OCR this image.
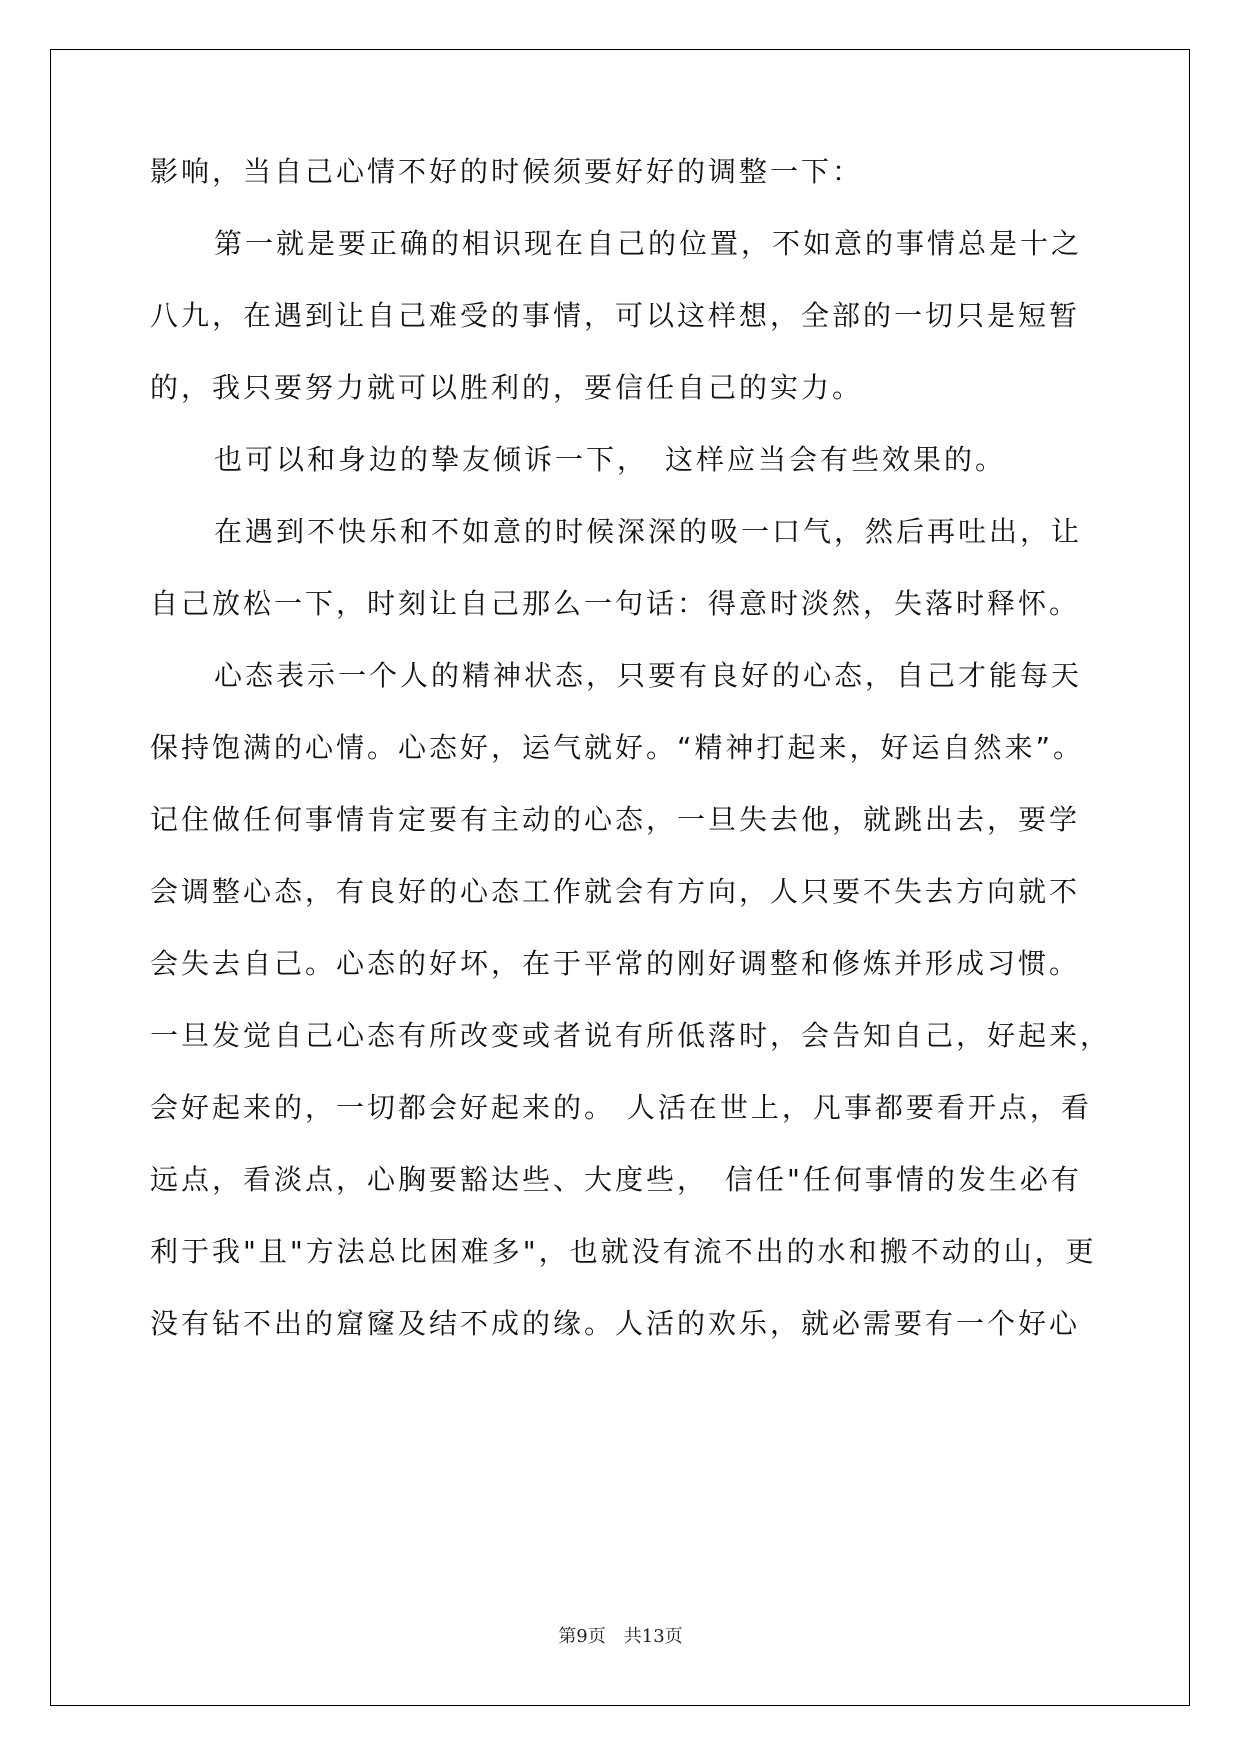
影响，当自己心情不好的时候须要好好的调整一下：
第一就是要正确的相识现在自己的位置，不如意的事情总是十之
八九，在遇到让自己难受的事情，可以这样想，全部的一切只是短暂
的，我只要努力就可以胜利的，要信任自己的实力。
也可以和身边的挚友倾诉一下，　这样应当会有些效果的。
在遇到不快乐和不如意的时候深深的吸一口气，然后再吐出，让
自己放松一下，时刻让自己那么一句话：得意时淡然，失落时释怀。
心态表示一个人的精神状态，只要有良好的心态，自己才能每天
保持饱满的心情。心态好，运气就好。“精神打起来，好运自然来”。
记住做任何事情肯定要有主动的心态，一旦失去他，就跳出去，要学
会调整心态，有良好的心态工作就会有方向，人只要不失去方向就不
会失去自己。心态的好坏，在于平常的刚好调整和修炼并形成习惯。
一旦发觉自己心态有所改变或者说有所低落时，会告知自己，好起来，
会好起来的，一切都会好起来的。 人活在世上，凡事都要看开点，看
远点，看淡点，心胸要豁达些、大度些，　信任"任何事情的发生必有
利于我"且"方法总比困难多"，也就没有流不出的水和搬不动的山，更
没有钻不出的窟窿及结不成的缘。人活的欢乐，就必需要有一个好心
第9页 共13页
